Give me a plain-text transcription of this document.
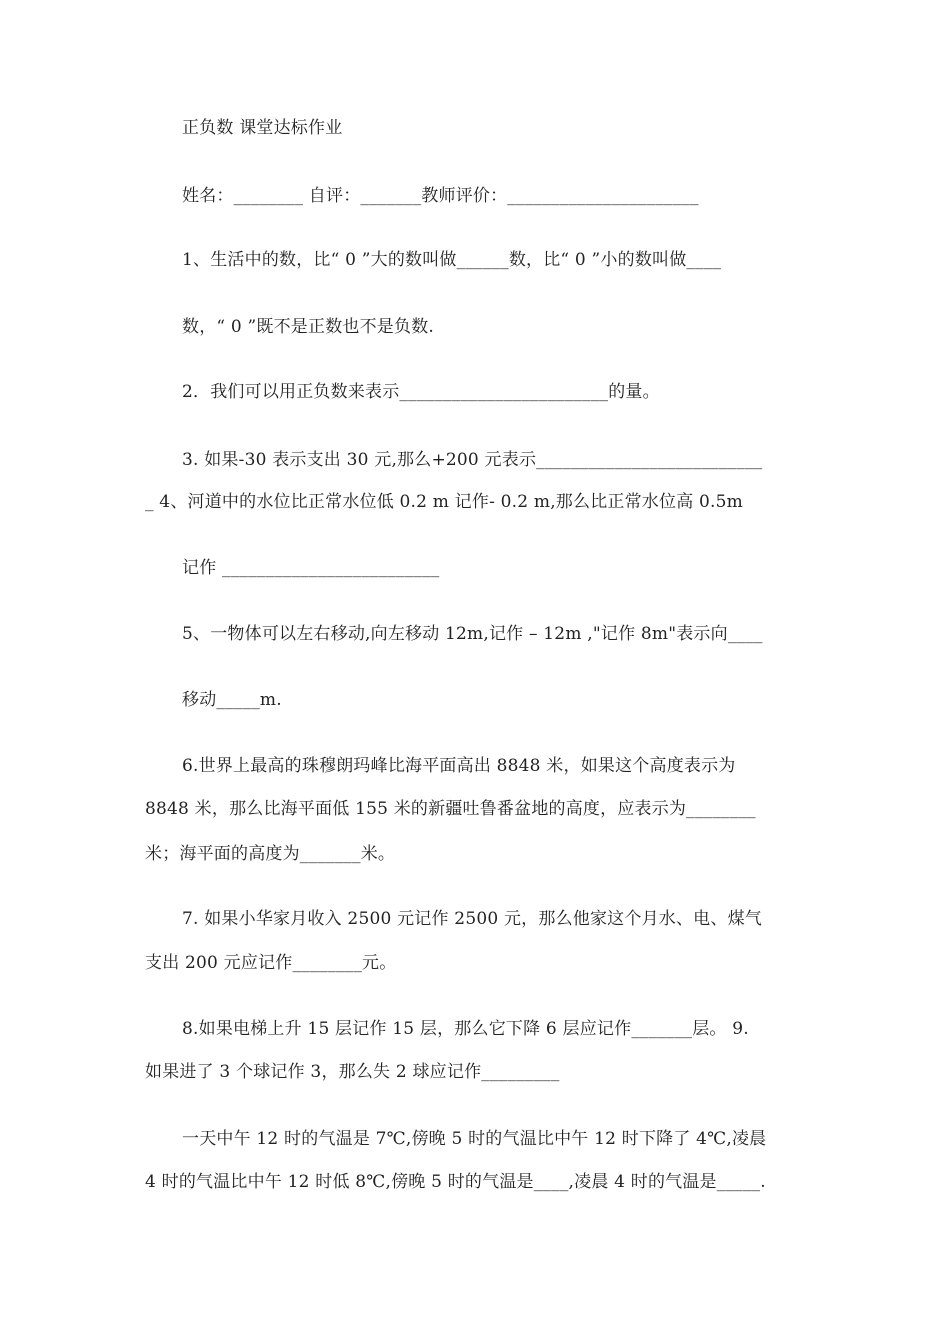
正负数 课堂达标作业
姓名：________ 自评：_______教师评价：______________________
1、生活中的数，比“ 0 ”大的数叫做______数，比“ 0 ”小的数叫做____
数，“ 0 ”既不是正数也不是负数.
2．我们可以用正负数来表示________________________的量。
3. 如果-30 表示支出 30 元,那么+200 元表示__________________________
_ 4、河道中的水位比正常水位低 0.2 m 记作- 0.2 m,那么比正常水位高 0.5m
记作 _________________________
5、一物体可以左右移动,向左移动 12m,记作 – 12m ,"记作 8m"表示向____
移动_____m.
6.世界上最高的珠穆朗玛峰比海平面高出 8848 米，如果这个高度表示为
8848 米，那么比海平面低 155 米的新疆吐鲁番盆地的高度，应表示为________
米；海平面的高度为_______米。
7. 如果小华家月收入 2500 元记作 2500 元，那么他家这个月水、电、煤气
支出 200 元应记作________元。
8.如果电梯上升 15 层记作 15 层，那么它下降 6 层应记作_______层。 9.
如果进了 3 个球记作 3，那么失 2 球应记作_________
一天中午 12 时的气温是 7℃,傍晚 5 时的气温比中午 12 时下降了 4℃,凌晨
4 时的气温比中午 12 时低 8℃,傍晚 5 时的气温是____,凌晨 4 时的气温是_____.
